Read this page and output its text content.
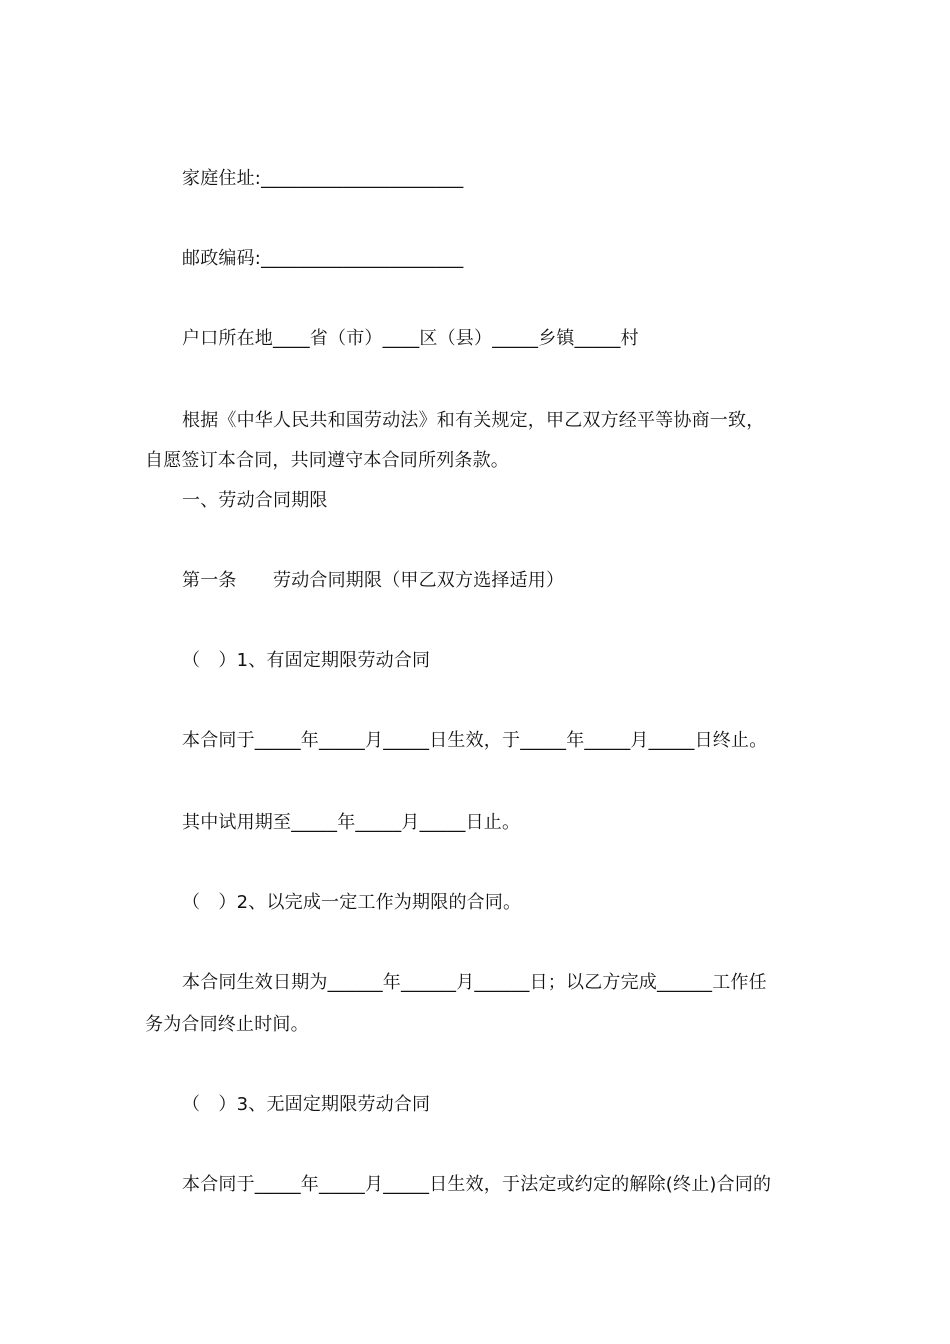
家庭住址:______________________
邮政编码:______________________
户口所在地____省（市）____区（县）_____乡镇_____村
根据《中华人民共和国劳动法》和有关规定，甲乙双方经平等协商一致，
自愿签订本合同，共同遵守本合同所列条款。
一、劳动合同期限
第一条　　劳动合同期限（甲乙双方选择适用）
（　）1、有固定期限劳动合同
本合同于_____年_____月_____日生效，于_____年_____月_____日终止。
其中试用期至_____年_____月_____日止。
（　）2、以完成一定工作为期限的合同。
本合同生效日期为______年______月______日；以乙方完成______工作任
务为合同终止时间。
（　）3、无固定期限劳动合同
本合同于_____年_____月_____日生效，于法定或约定的解除(终止)合同的
